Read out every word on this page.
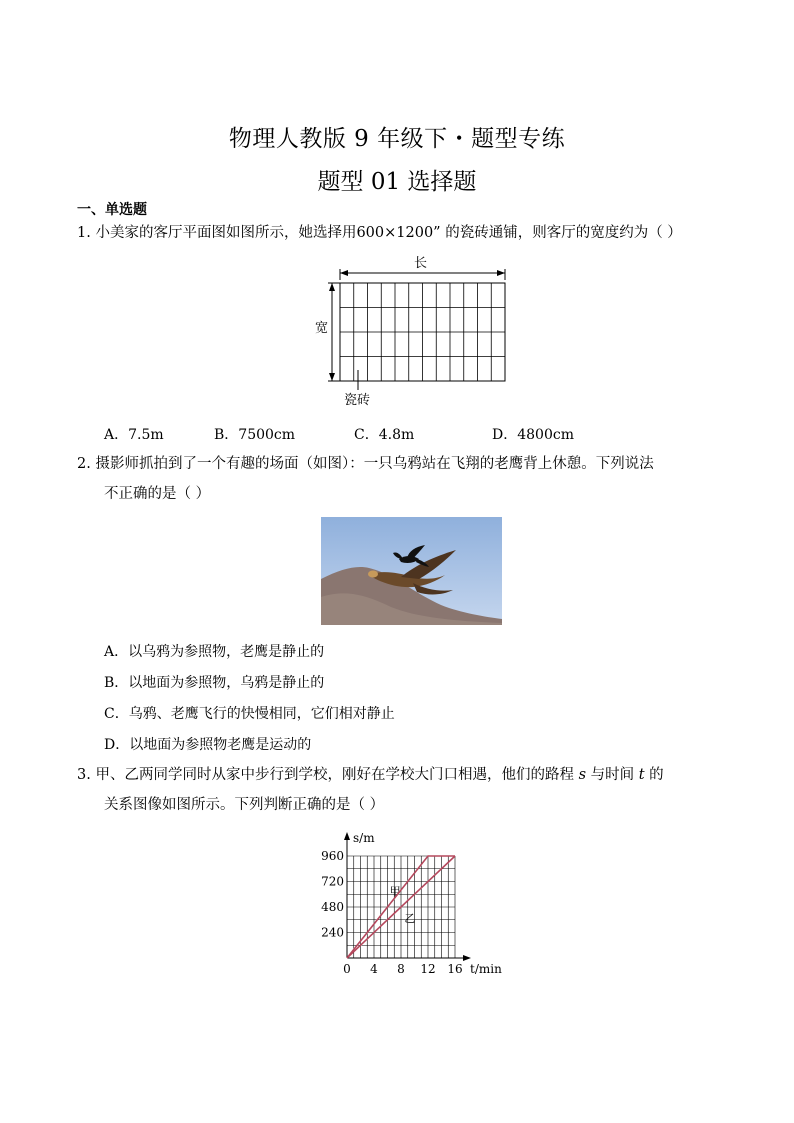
物理人教版 9 年级下・题型专练
题型 01 选择题
一、单选题
1. 小美家的客厅平面图如图所示，她选择用600×1200” 的瓷砖通铺，则客厅的宽度约为（ ）
长
宽
瓷砖
A．7.5m	B．7500cm	C．4.8m	D．4800cm
2. 摄影师抓拍到了一个有趣的场面（如图）：一只乌鸦站在飞翔的老鹰背上休憩。下列说法
不正确的是（ ）
A．以乌鸦为参照物，老鹰是静止的
B．以地面为参照物，乌鸦是静止的
C．乌鸦、老鹰飞行的快慢相同，它们相对静止
D．以地面为参照物老鹰是运动的
3. 甲、乙两同学同时从家中步行到学校，刚好在学校大门口相遇，他们的路程 s 与时间 t 的
关系图像如图所示。下列判断正确的是（ ）
0 4 8 12 16
240
480
720
960
甲
乙
s/m
t/min
